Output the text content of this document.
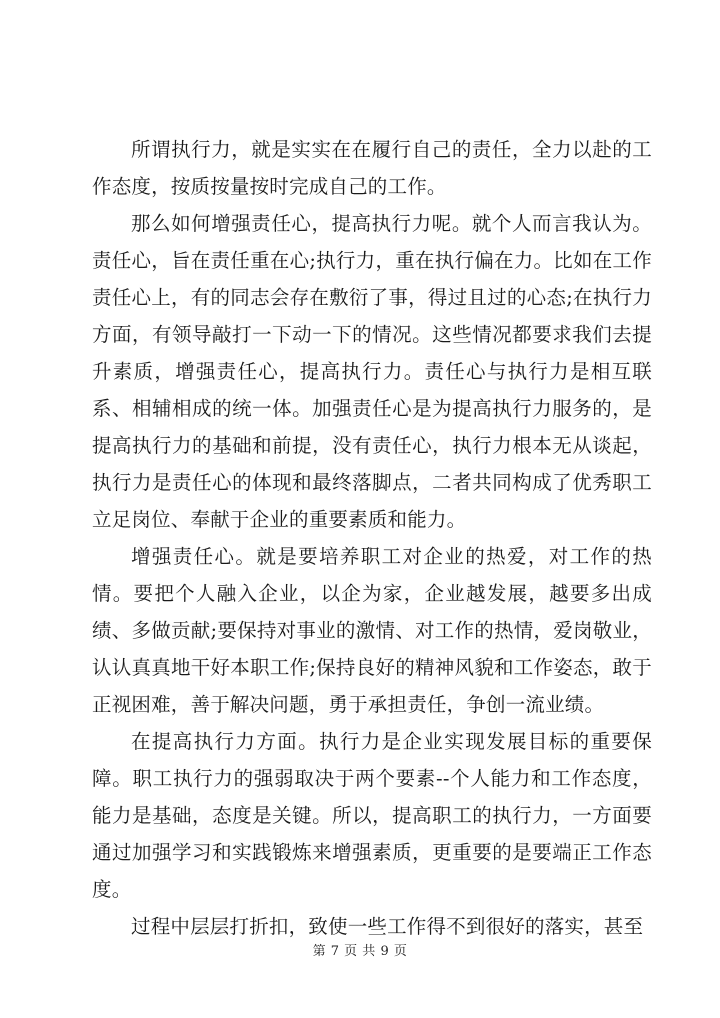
所谓执行力，就是实实在在履行自己的责任，全力以赴的工作态度，按质按量按时完成自己的工作。

那么如何增强责任心，提高执行力呢。就个人而言我认为。责任心，旨在责任重在心;执行力，重在执行偏在力。比如在工作责任心上，有的同志会存在敷衍了事，得过且过的心态;在执行力方面，有领导敲打一下动一下的情况。这些情况都要求我们去提升素质，增强责任心，提高执行力。责任心与执行力是相互联系、相辅相成的统一体。加强责任心是为提高执行力服务的，是提高执行力的基础和前提，没有责任心，执行力根本无从谈起，执行力是责任心的体现和最终落脚点，二者共同构成了优秀职工立足岗位、奉献于企业的重要素质和能力。

增强责任心。就是要培养职工对企业的热爱，对工作的热情。要把个人融入企业，以企为家，企业越发展，越要多出成绩、多做贡献;要保持对事业的激情、对工作的热情，爱岗敬业，认认真真地干好本职工作;保持良好的精神风貌和工作姿态，敢于正视困难，善于解决问题，勇于承担责任，争创一流业绩。

在提高执行力方面。执行力是企业实现发展目标的重要保障。职工执行力的强弱取决于两个要素--个人能力和工作态度，能力是基础，态度是关键。所以，提高职工的执行力，一方面要通过加强学习和实践锻炼来增强素质，更重要的是要端正工作态度。

过程中层层打折扣，致使一些工作得不到很好的落实，甚至

第 7 页 共 9 页
